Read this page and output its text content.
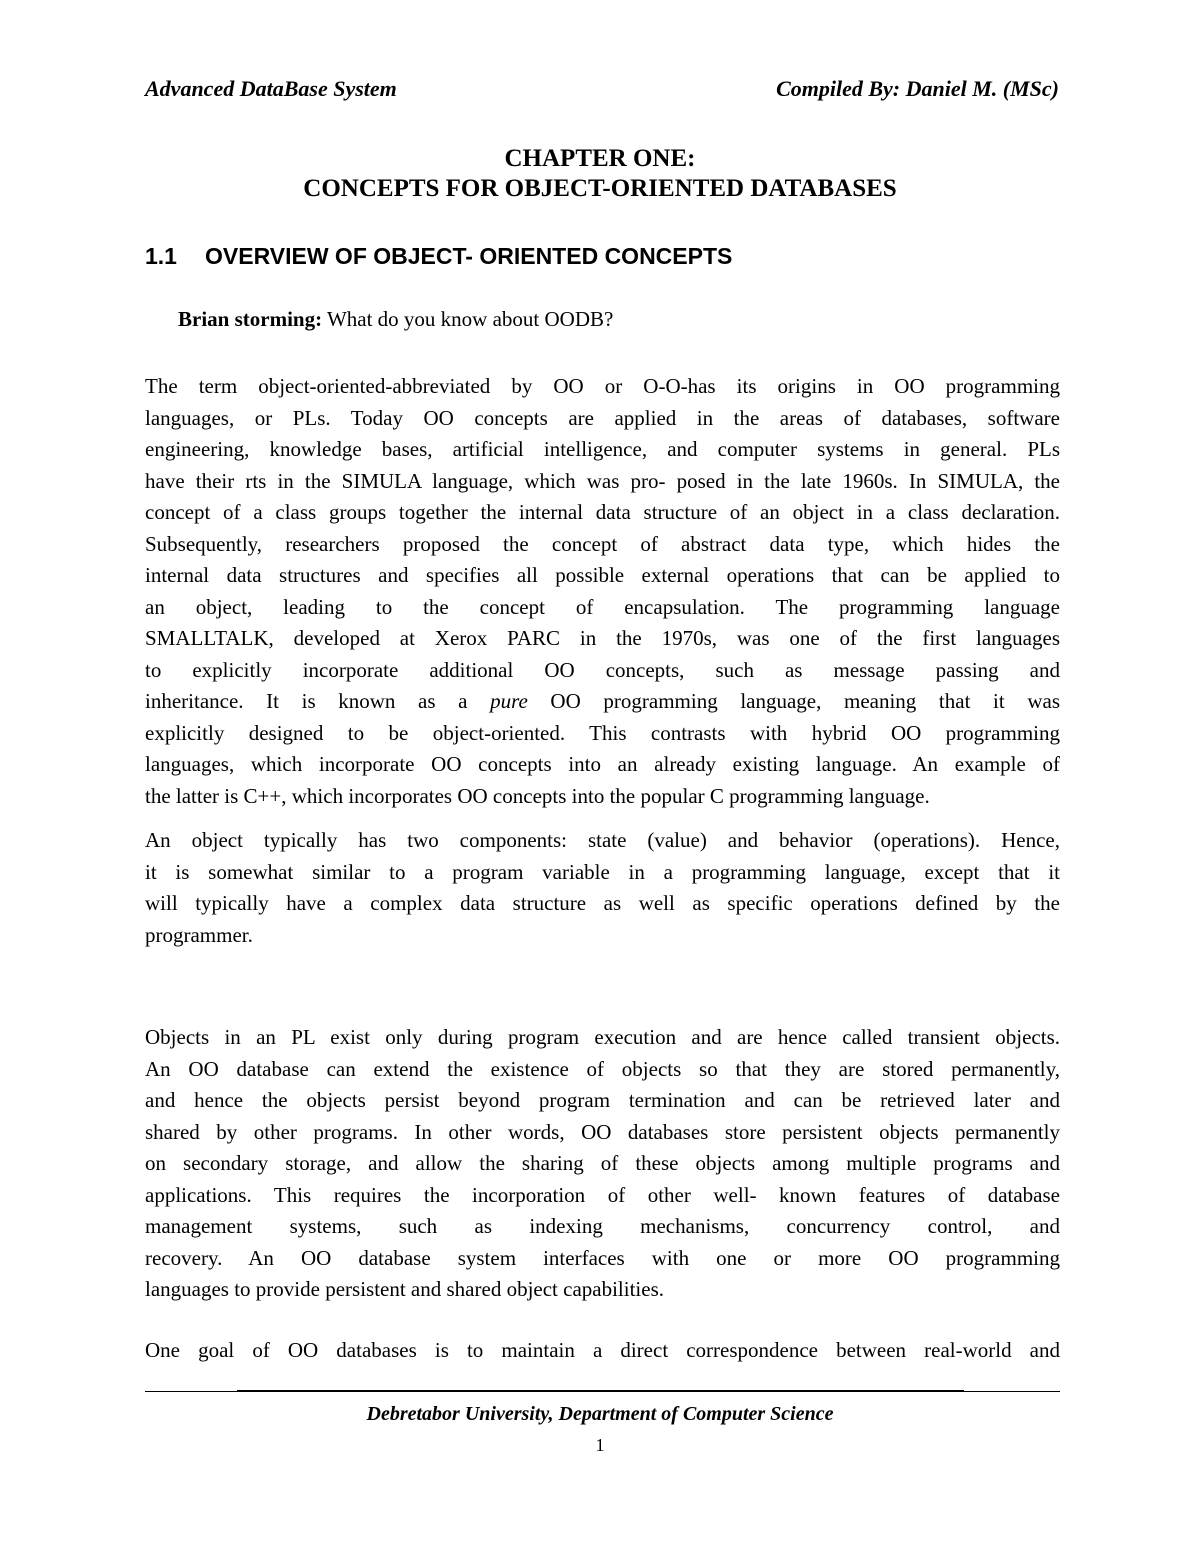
Advanced DataBase System	Compiled By: Daniel M. (MSc)
CHAPTER ONE:
CONCEPTS FOR OBJECT-ORIENTED DATABASES
1.1 OVERVIEW OF OBJECT- ORIENTED CONCEPTS
Brian storming: What do you know about OODB?
The term object-oriented-abbreviated by OO or O-O-has its origins in OO programming
languages, or PLs. Today OO concepts are applied in the areas of databases, software
engineering, knowledge bases, artificial intelligence, and computer systems in general. PLs
have their rts in the SIMULA language, which was pro- posed in the late 1960s. In SIMULA, the
concept of a class groups together the internal data structure of an object in a class declaration.
Subsequently, researchers proposed the concept of abstract data type, which hides the
internal data structures and specifies all possible external operations that can be applied to
an object, leading to the concept of encapsulation. The programming language
SMALLTALK, developed at Xerox PARC in the 1970s, was one of the first languages
to explicitly incorporate additional OO concepts, such as message passing and
inheritance. It is known as a pure OO programming language, meaning that it was
explicitly designed to be object-oriented. This contrasts with hybrid OO programming
languages, which incorporate OO concepts into an already existing language. An example of
the latter is C++, which incorporates OO concepts into the popular C programming language.
An object typically has two components: state (value) and behavior (operations). Hence,
it is somewhat similar to a program variable in a programming language, except that it
will typically have a complex data structure as well as specific operations defined by the
programmer.
Objects in an PL exist only during program execution and are hence called transient objects.
An OO database can extend the existence of objects so that they are stored permanently,
and hence the objects persist beyond program termination and can be retrieved later and
shared by other programs. In other words, OO databases store persistent objects permanently
on secondary storage, and allow the sharing of these objects among multiple programs and
applications. This requires the incorporation of other well- known features of database
management systems, such as indexing mechanisms, concurrency control, and
recovery. An OO database system interfaces with one or more OO programming
languages to provide persistent and shared object capabilities.
One goal of OO databases is to maintain a direct correspondence between real-world and
Debretabor University, Department of Computer Science
1
